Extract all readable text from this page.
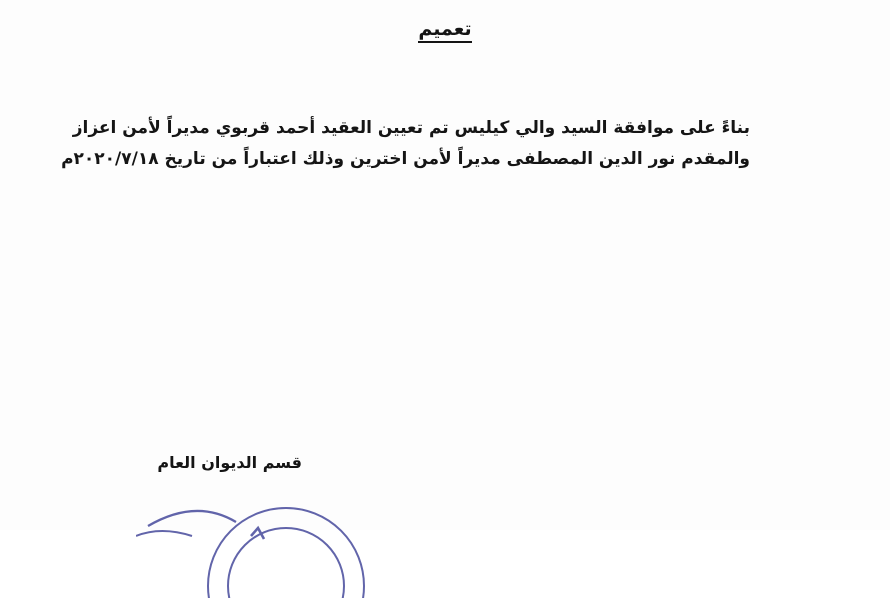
تعميم
بناءً على موافقة السيد والي كيليس تم تعيين العقيد أحمد قربوي مديراً لأمن اعزاز
والمقدم نور الدين المصطفى مديراً لأمن اخترين وذلك اعتباراً من تاريخ ٢٠٢٠/٧/١٨م
قسم الديوان العام
